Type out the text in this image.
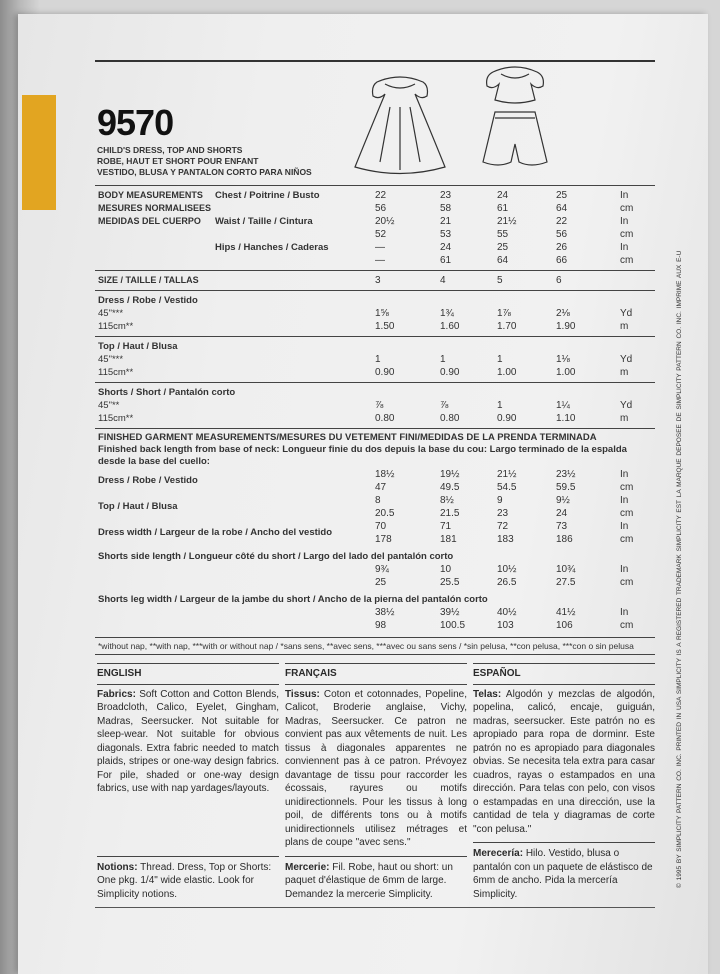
9570
CHILD'S DRESS, TOP AND SHORTS
ROBE, HAUT ET SHORT POUR ENFANT
VESTIDO, BLUSA Y PANTALON CORTO PARA NIÑOS
BODY MEASUREMENTS Chest / Poitrine / Busto	22	23	24	25	In
MESURES NORMALISEES	56	58	61	64	cm
MEDIDAS DEL CUERPO Waist / Taille / Cintura	20½	21	21½	22	In
52	53	55	56	cm
Hips / Hanches / Caderas	—	24	25	26	In
—	61	64	66	cm
SIZE / TAILLE / TALLAS	3	4	5	6
Dress / Robe / Vestido
45"***	1⅝	1¾	1⅞	2⅛	Yd
115cm**	1.50	1.60	1.70	1.90	m
Top / Haut / Blusa
45"***	1	1	1	1⅛	Yd
115cm**	0.90	0.90	1.00	1.00	m
Shorts / Short / Pantalón corto
45"**	⅞	⅞	1	1¼	Yd
115cm**	0.80	0.80	0.90	1.10	m
FINISHED GARMENT MEASUREMENTS/MESURES DU VETEMENT FINI/MEDIDAS DE LA PRENDA TERMINADA
Finished back length from base of neck: Longueur finie du dos depuis la base du cou: Largo terminado de la espalda desde la base del cuello:
Dress / Robe / Vestido
18½	19½	21½	23½	In
47	49.5	54.5	59.5	cm
Top / Haut / Blusa
8	8½	9	9½	In
20.5	21.5	23	24	cm
Dress width / Largeur de la robe / Ancho del vestido
70	71	72	73	In
178	181	183	186	cm
Shorts side length / Longueur côté du short / Largo del lado del pantalón corto
9¾	10	10½	10¾	In
25	25.5	26.5	27.5	cm
Shorts leg width / Largeur de la jambe du short / Ancho de la pierna del pantalón corto
38½	39½	40½	41½	In
98	100.5	103	106	cm
*without nap, **with nap, ***with or without nap / *sans sens, **avec sens, ***avec ou sans sens / *sin pelusa, **con pelusa, ***con o sin pelusa
ENGLISH
Fabrics: Soft Cotton and Cotton Blends, Broadcloth, Calico, Eyelet, Gingham, Madras, Seersucker. Not suitable for sleep-wear. Not suitable for obvious diagonals. Extra fabric needed to match plaids, stripes or one-way design fabrics. For pile, shaded or one-way design fabrics, use with nap yardages/layouts.
Notions: Thread. Dress, Top or Shorts: One pkg. 1/4" wide elastic. Look for Simplicity notions.
FRANÇAIS
Tissus: Coton et cotonnades, Popeline, Calicot, Broderie anglaise, Vichy, Madras, Seersucker. Ce patron ne convient pas aux vêtements de nuit. Les tissus à diagonales apparentes ne conviennent pas à ce patron. Prévoyez davantage de tissu pour raccorder les écossais, rayures ou motifs unidirectionnels. Pour les tissus à long poil, de différents tons ou à motifs unidirectionnels utilisez métrages et plans de coupe "avec sens."
Mercerie: Fil. Robe, haut ou short: un paquet d'élastique de 6mm de large. Demandez la mercerie Simplicity.
ESPAÑOL
Telas: Algodón y mezclas de algodón, popelina, calicó, encaje, guiguán, madras, seersucker. Este patrón no es apropiado para ropa de dorminr. Este patrón no es apropiado para diagonales obvias. Se necesita tela extra para casar cuadros, rayas o estampados en una dirección. Para telas con pelo, con visos o estampadas en una dirección, use la cantidad de tela y diagramas de corte "con pelusa."
Merecería: Hilo. Vestido, blusa o pantalón con un paquete de elástisco de 6mm de ancho. Pida la mercería Simplicity.
© 1995 BY SIMPLICITY PATTERN CO. INC. PRINTED IN USA SIMPLICITY IS A REGISTERED TRADEMARK SIMPLICITY EST LA MARQUE DEPOSEE DE SIMPLICITY PATTERN CO. INC. IMPRIME AUX E-U
